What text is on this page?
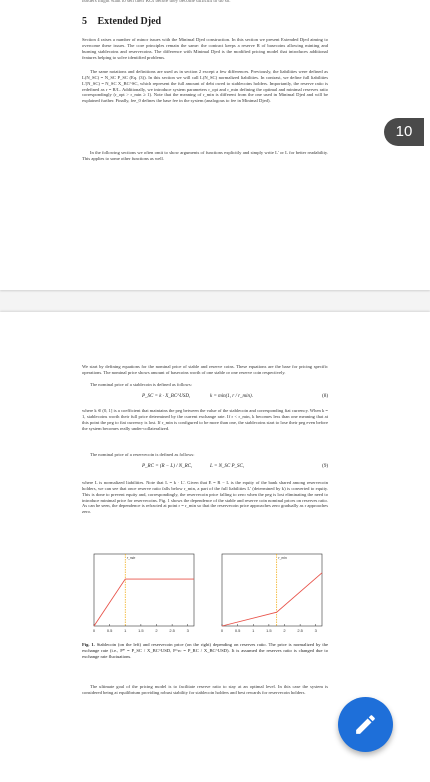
holders might want to sell their RCs before they become difficult to do so.
5 Extended Djed
Section 4 raises a number of minor issues with the Minimal Djed construction. In this section we present Extended Djed aiming to overcome these issues. The core principles remain the same: the contract keeps a reserve R of basecoins allowing minting and burning stablecoins and reservecoins. The difference with Minimal Djed is the modified pricing model that introduces additional features helping to solve identified problems.
The same notations and definitions are used as in section 2 except a few differences. Previously, the liabilities were defined as L(N_SC) = N_SC P_SC (Eq. (3)). In this section we will call L(N_SC) normalized liabilities. In contrast, we define full liabilities L'(N_SC) = N_SC X_BC^SC, which represent the full amount of debt owed to stablecoins holders. Importantly, the reserve ratio is redefined as r = R/L. Additionally, we introduce system parameters r_opt and r_min defining the optimal and minimal reserves ratio correspondingly (r_opt > r_min ≥ 1). Note that the meaning of r_min is different from the one used in Minimal Djed and will be explained further. Finally, fee_0 defines the base fee in the system (analogous to fee in Minimal Djed).
In the following sections we often omit to show arguments of functions explicitly and simply write L' or L for better readability. This applies to some other functions as well.
We start by defining equations for the nominal price of stable and reserve coins. These equations are the base for pricing specific operations. The nominal price shows amount of basecoins worth of one stable or one reserve coin respectively.
The nominal price of a stablecoin is defined as follows:
P_SC = k · X_BC^USD,	k = min(1, r / r_min).	(8)
where k ∈ (0, 1] is a coefficient that maintains the peg between the value of the stablecoin and corresponding fiat currency. When k = 1, stablecoins worth their full price determined by the current exchange rate. If r < r_min, k becomes less than one meaning that at this point the peg to fiat currency is lost. If r_min is configured to be more than one, the stablecoins start to lose their peg even before the system becomes really under-collateralized.
The nominal price of a reservecoin is defined as follows:
P_RC = (R − L) / N_RC,	L = N_SC P_SC,	(9)
where L is normalized liabilities. Note that L = k · L'. Given that E = R − L is the equity of the bank shared among reservecoin holders, we can see that once reserve ratio falls below r_min, a part of the full liabilities L' (determined by k) is converted to equity. This is done to prevent equity and, correspondingly, the reservecoin price falling to zero when the peg is lost eliminating the need to introduce minimal price for reservecoins. Fig. 1 shows the dependence of the stable and reserve coin nominal prices on reserves ratio. As can be seen, the dependence is refracted at point r = r_min so that the reservecoin price approaches zero gradually as r approaches zero.
0	0.5	1	1.5	2	2.5	3
r_min
0	0.5	1	1.5	2	2.5	3
r_min
Fig. 1. Stablecoin (on the left) and reservecoin price (on the right) depending on reserves ratio. The price is normalized by the exchange rate (i.e., P* = P_SC / X_BC^USD, P^rc = P_RC / X_BC^USD). It is assumed the reserves ratio is changed due to exchange rate fluctuations.
The ultimate goal of the pricing model is to facilitate reserve ratio to stay at an optimal level. In this case the system is considered being at equilibrium providing robust stability for stablecoin holders and best rewards for reservecoin holders.
10
